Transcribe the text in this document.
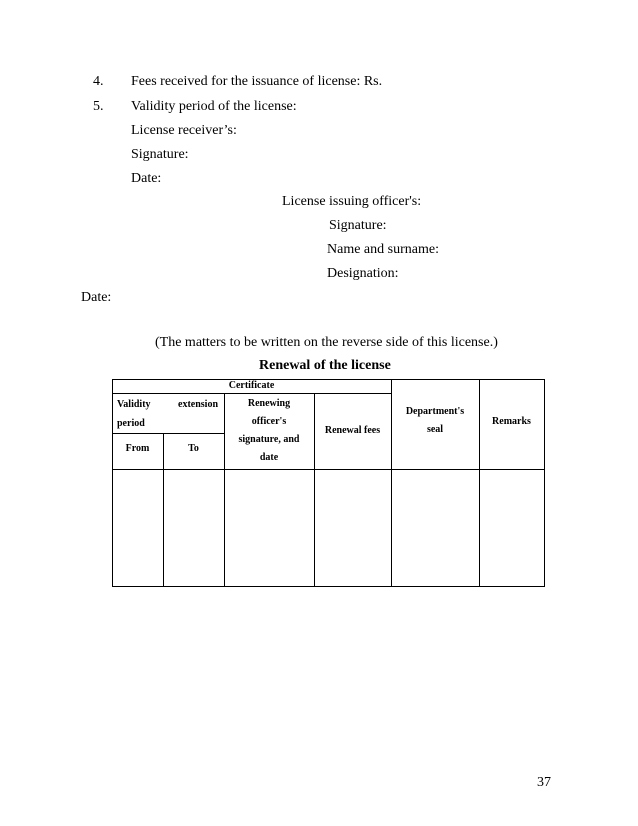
4. Fees received for the issuance of license: Rs.
5. Validity period of the license:
License receiver’s:
Signature:
Date:
License issuing officer's:
Signature:
Name and surname:
Designation:
Date:
(The matters to be written on the reverse side of this license.)
Renewal of the license
Certificate
Validity	extension
period
From	To
Renewing
officer's
signature, and
date
Renewal fees
Department's
seal
Remarks
37
